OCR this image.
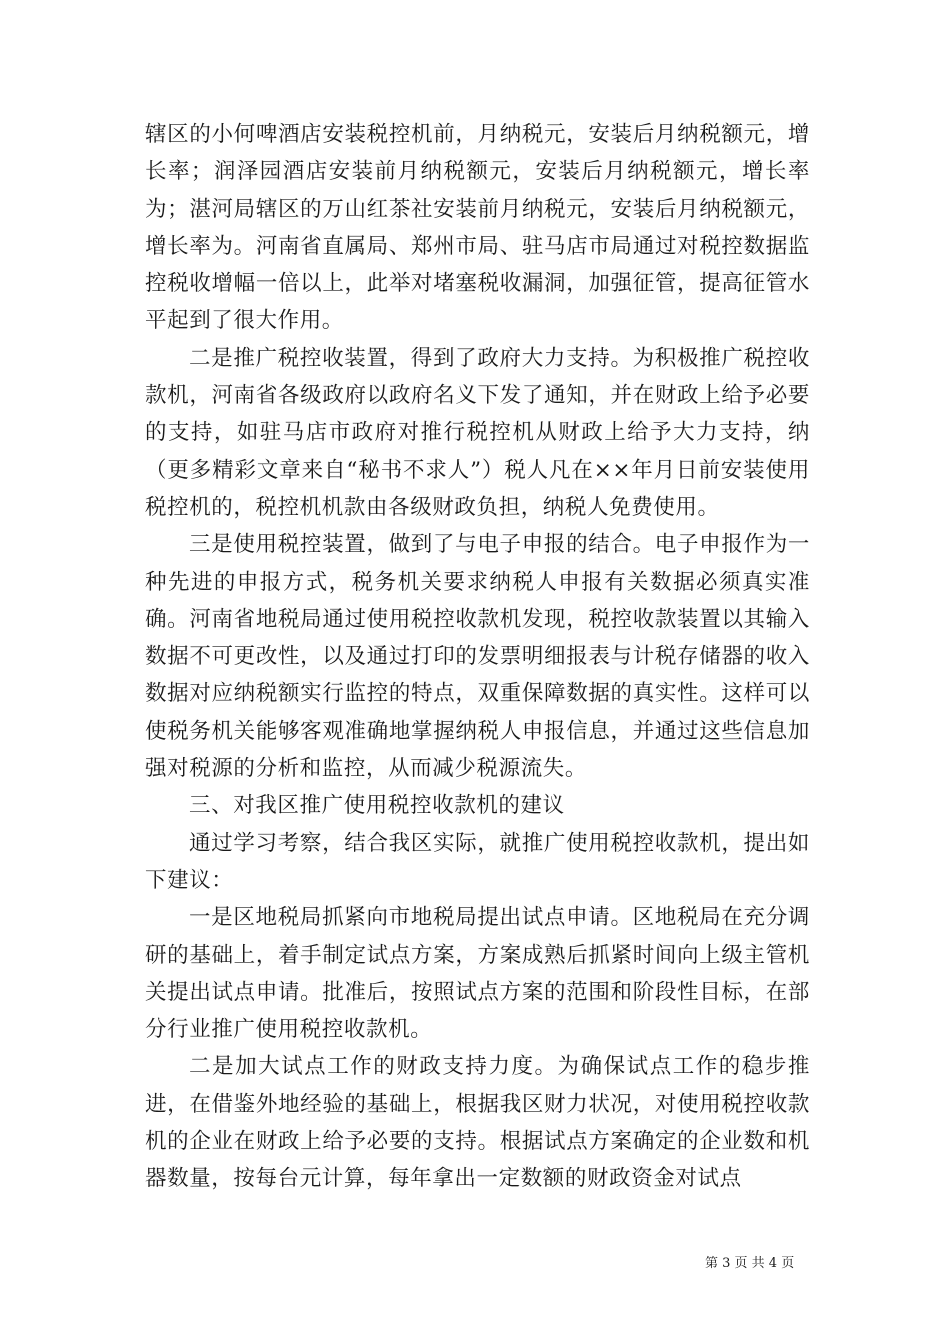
辖区的小何啤酒店安装税控机前，月纳税元，安装后月纳税额元，增长率；润泽园酒店安装前月纳税额元，安装后月纳税额元，增长率为；湛河局辖区的万山红茶社安装前月纳税元，安装后月纳税额元，增长率为。河南省直属局、郑州市局、驻马店市局通过对税控数据监控税收增幅一倍以上，此举对堵塞税收漏洞，加强征管，提高征管水平起到了很大作用。

二是推广税控收装置，得到了政府大力支持。为积极推广税控收款机，河南省各级政府以政府名义下发了通知，并在财政上给予必要的支持，如驻马店市政府对推行税控机从财政上给予大力支持，纳（更多精彩文章来自“秘书不求人”）税人凡在××年月日前安装使用税控机的，税控机机款由各级财政负担，纳税人免费使用。

三是使用税控装置，做到了与电子申报的结合。电子申报作为一种先进的申报方式，税务机关要求纳税人申报有关数据必须真实准确。河南省地税局通过使用税控收款机发现，税控收款装置以其输入数据不可更改性，以及通过打印的发票明细报表与计税存储器的收入数据对应纳税额实行监控的特点，双重保障数据的真实性。这样可以使税务机关能够客观准确地掌握纳税人申报信息，并通过这些信息加强对税源的分析和监控，从而减少税源流失。

三、对我区推广使用税控收款机的建议

通过学习考察，结合我区实际，就推广使用税控收款机，提出如下建议：

一是区地税局抓紧向市地税局提出试点申请。区地税局在充分调研的基础上，着手制定试点方案，方案成熟后抓紧时间向上级主管机关提出试点申请。批准后，按照试点方案的范围和阶段性目标，在部分行业推广使用税控收款机。

二是加大试点工作的财政支持力度。为确保试点工作的稳步推进，在借鉴外地经验的基础上，根据我区财力状况，对使用税控收款机的企业在财政上给予必要的支持。根据试点方案确定的企业数和机器数量，按每台元计算，每年拿出一定数额的财政资金对试点

第 3 页 共 4 页
